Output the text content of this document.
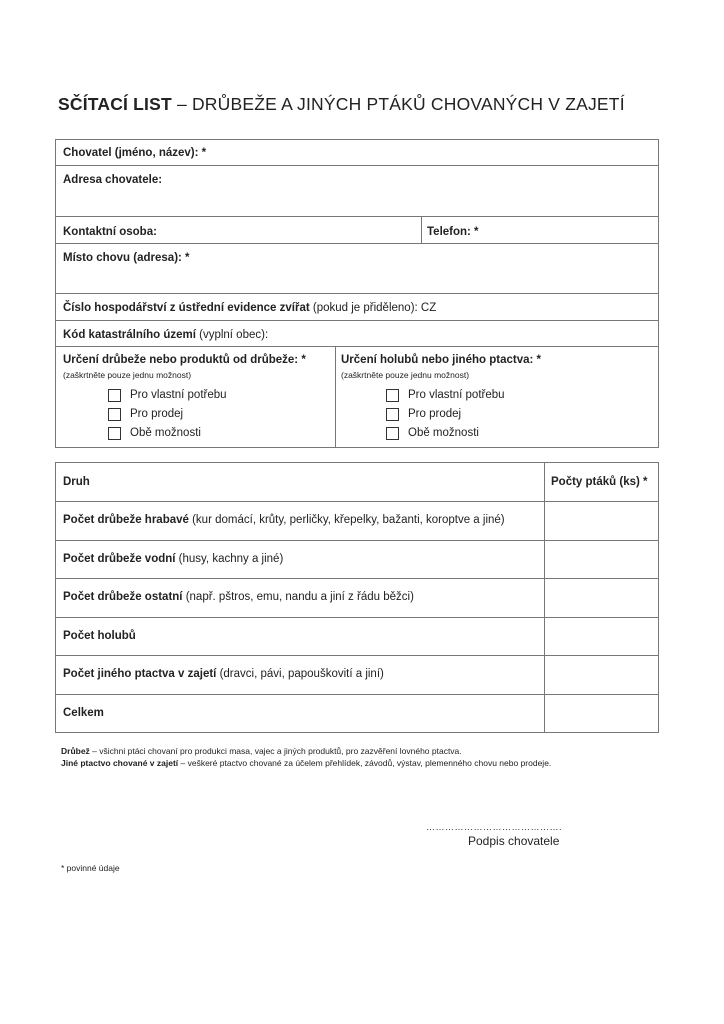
SČÍTACÍ LIST – DRŮBEŽE A JINÝCH PTÁKŮ CHOVANÝCH V ZAJETÍ
Chovatel (jméno, název): *
Adresa chovatele:
Kontaktní osoba:	Telefon: *
Místo chovu (adresa): *
Číslo hospodářství z ústřední evidence zvířat (pokud je přiděleno): CZ
Kód katastrálního území (vyplní obec):
Určení drůbeže nebo produktů od drůbeže: *
(zaškrtněte pouze jednu možnost)
Pro vlastní potřebu
Pro prodej
Obě možnosti
Určení holubů nebo jiného ptactva: *
(zaškrtněte pouze jednu možnost)
Pro vlastní potřebu
Pro prodej
Obě možnosti
Druh	Počty ptáků (ks) *
Počet drůbeže hrabavé (kur domácí, krůty, perličky, křepelky, bažanti, koroptve a jiné)
Počet drůbeže vodní (husy, kachny a jiné)
Počet drůbeže ostatní (např. pštros, emu, nandu a jiní z řádu běžci)
Počet holubů
Počet jiného ptactva v zajetí (dravci, pávi, papouškovití a jiní)
Celkem
Drůbež – všichni ptáci chovaní pro produkci masa, vajec a jiných produktů, pro zazvěření lovného ptactva.
Jiné ptactvo chované v zajetí – veškeré ptactvo chované za účelem přehlídek, závodů, výstav, plemenného chovu nebo prodeje.
…………………………………….
Podpis chovatele
* povinné údaje
